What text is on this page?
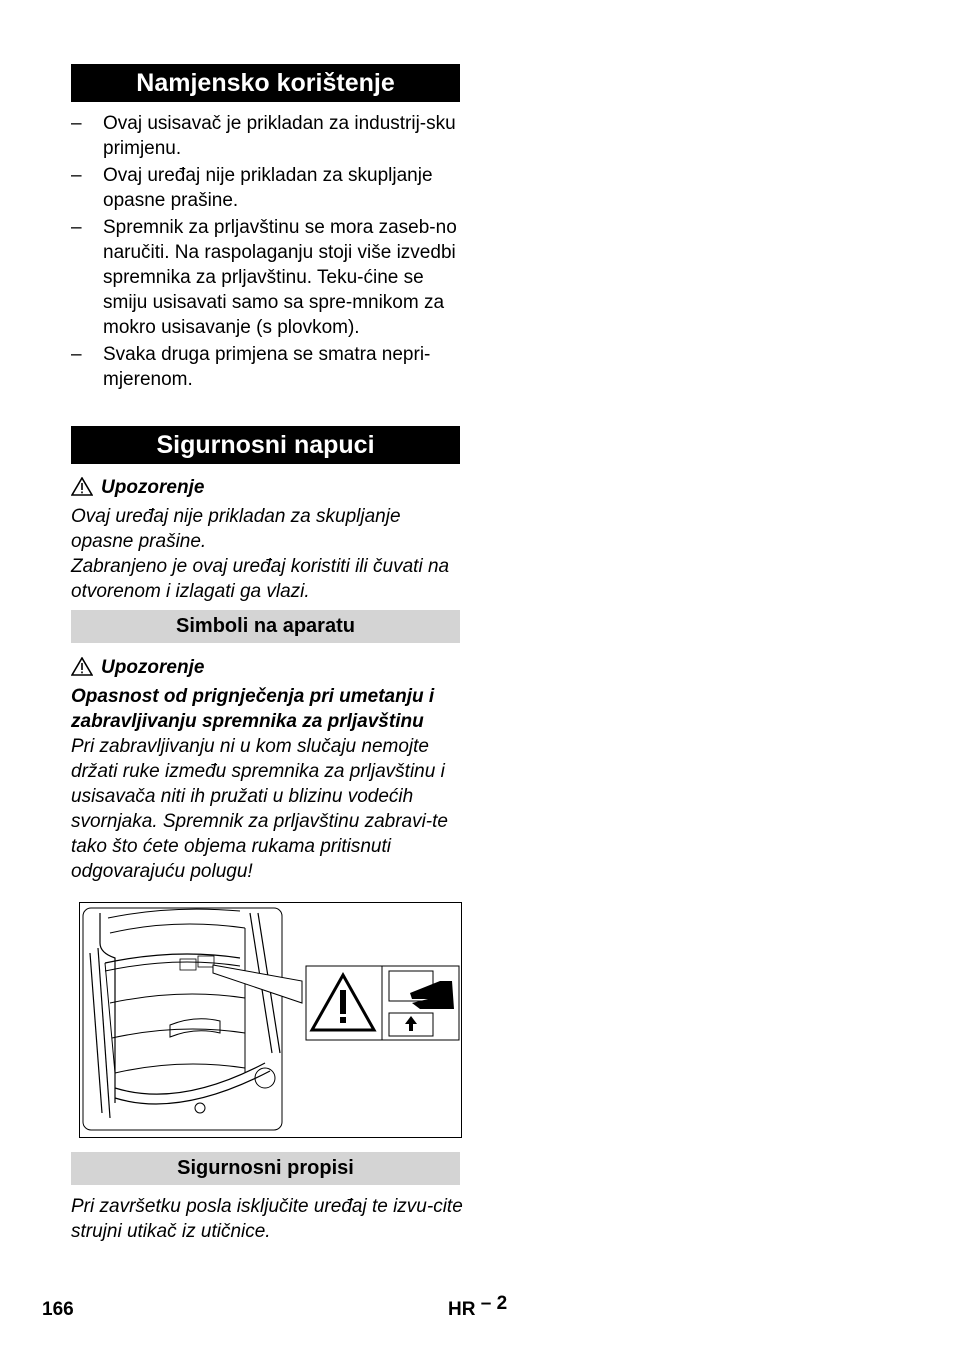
Namjensko korištenje
– Ovaj usisavač je prikladan za industrij-sku primjenu.
– Ovaj uređaj nije prikladan za skupljanje opasne prašine.
– Spremnik za prljavštinu se mora zaseb-no naručiti. Na raspolaganju stoji više izvedbi spremnika za prljavštinu. Teku-ćine se smiju usisavati samo sa spre-mnikom za mokro usisavanje (s plovkom).
– Svaka druga primjena se smatra nepri-mjerenom.
Sigurnosni napuci
Upozorenje
Ovaj uređaj nije prikladan za skupljanje opasne prašine.
Zabranjeno je ovaj uređaj koristiti ili čuvati na otvorenom i izlagati ga vlazi.
Simboli na aparatu
Upozorenje
Opasnost od prignječenja pri umetanju i zabravljivanju spremnika za prljavštinu
Pri zabravljivanju ni u kom slučaju nemojte držati ruke između spremnika za prljavštinu i usisavača niti ih pružati u blizinu vodećih svornjaka. Spremnik za prljavštinu zabravi-te tako što ćete objema rukama pritisnuti odgovarajuću polugu!
Sigurnosni propisi
Pri završetku posla isključite uređaj te izvu-cite strujni utikač iz utičnice.
166	HR – 2
